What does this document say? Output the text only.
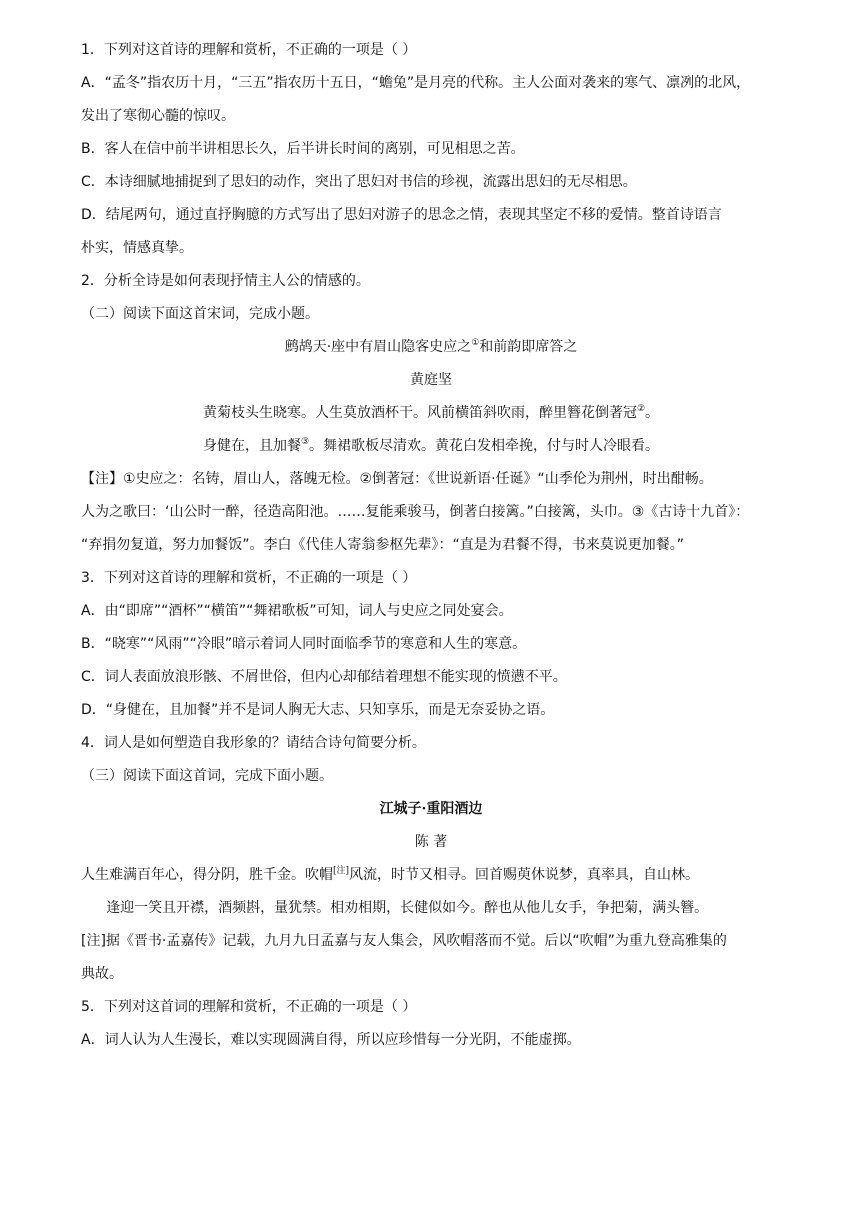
1．下列对这首诗的理解和赏析，不正确的一项是（ ）
A．“孟冬”指农历十月，“三五”指农历十五日，“蟾兔”是月亮的代称。主人公面对袭来的寒气、凛冽的北风，
发出了寒彻心髓的惊叹。
B．客人在信中前半讲相思长久，后半讲长时间的离别，可见相思之苦。
C．本诗细腻地捕捉到了思妇的动作，突出了思妇对书信的珍视，流露出思妇的无尽相思。
D．结尾两句，通过直抒胸臆的方式写出了思妇对游子的思念之情，表现其坚定不移的爱情。整首诗语言
朴实，情感真挚。
2．分析全诗是如何表现抒情主人公的情感的。
（二）阅读下面这首宋词，完成小题。
鹧鸪天·座中有眉山隐客史应之①和前韵即席答之
黄庭坚
黄菊枝头生晓寒。人生莫放酒杯干。风前横笛斜吹雨，醉里簪花倒著冠②。
身健在，且加餐③。舞裙歌板尽清欢。黄花白发相牵挽，付与时人冷眼看。
【注】①史应之：名铸，眉山人，落魄无检。②倒著冠：《世说新语·任诞》“山季伦为荆州，时出酣畅。
人为之歌曰：‘山公时一醉，径造高阳池。……复能乘骏马，倒著白接篱。”白接篱，头巾。③《古诗十九首》：
“弃捐勿复道，努力加餐饭”。李白《代佳人寄翁参枢先辈》：“直是为君餐不得，书来莫说更加餐。”
3．下列对这首诗的理解和赏析，不正确的一项是（ ）
A．由“即席”“酒杯”“横笛”“舞裙歌板”可知，词人与史应之同处宴会。
B．“晓寒”“风雨”“冷眼”暗示着词人同时面临季节的寒意和人生的寒意。
C．词人表面放浪形骸、不屑世俗，但内心却郁结着理想不能实现的愤懑不平。
D．“身健在，且加餐”并不是词人胸无大志、只知享乐，而是无奈妥协之语。
4．词人是如何塑造自我形象的？请结合诗句简要分析。
（三）阅读下面这首词，完成下面小题。
江城子·重阳酒边
陈 著
人生难满百年心，得分阴，胜千金。吹帽[注]风流，时节又相寻。回首赐萸休说梦，真率具，自山林。
逢迎一笑且开襟，酒频斟，量犹禁。相劝相期，长健似如今。醉也从他儿女手，争把菊，满头簪。
[注]据《晋书·孟嘉传》记载，九月九日孟嘉与友人集会，风吹帽落而不觉。后以“吹帽”为重九登高雅集的
典故。
5．下列对这首词的理解和赏析，不正确的一项是（ ）
A．词人认为人生漫长，难以实现圆满自得，所以应珍惜每一分光阴，不能虚掷。
